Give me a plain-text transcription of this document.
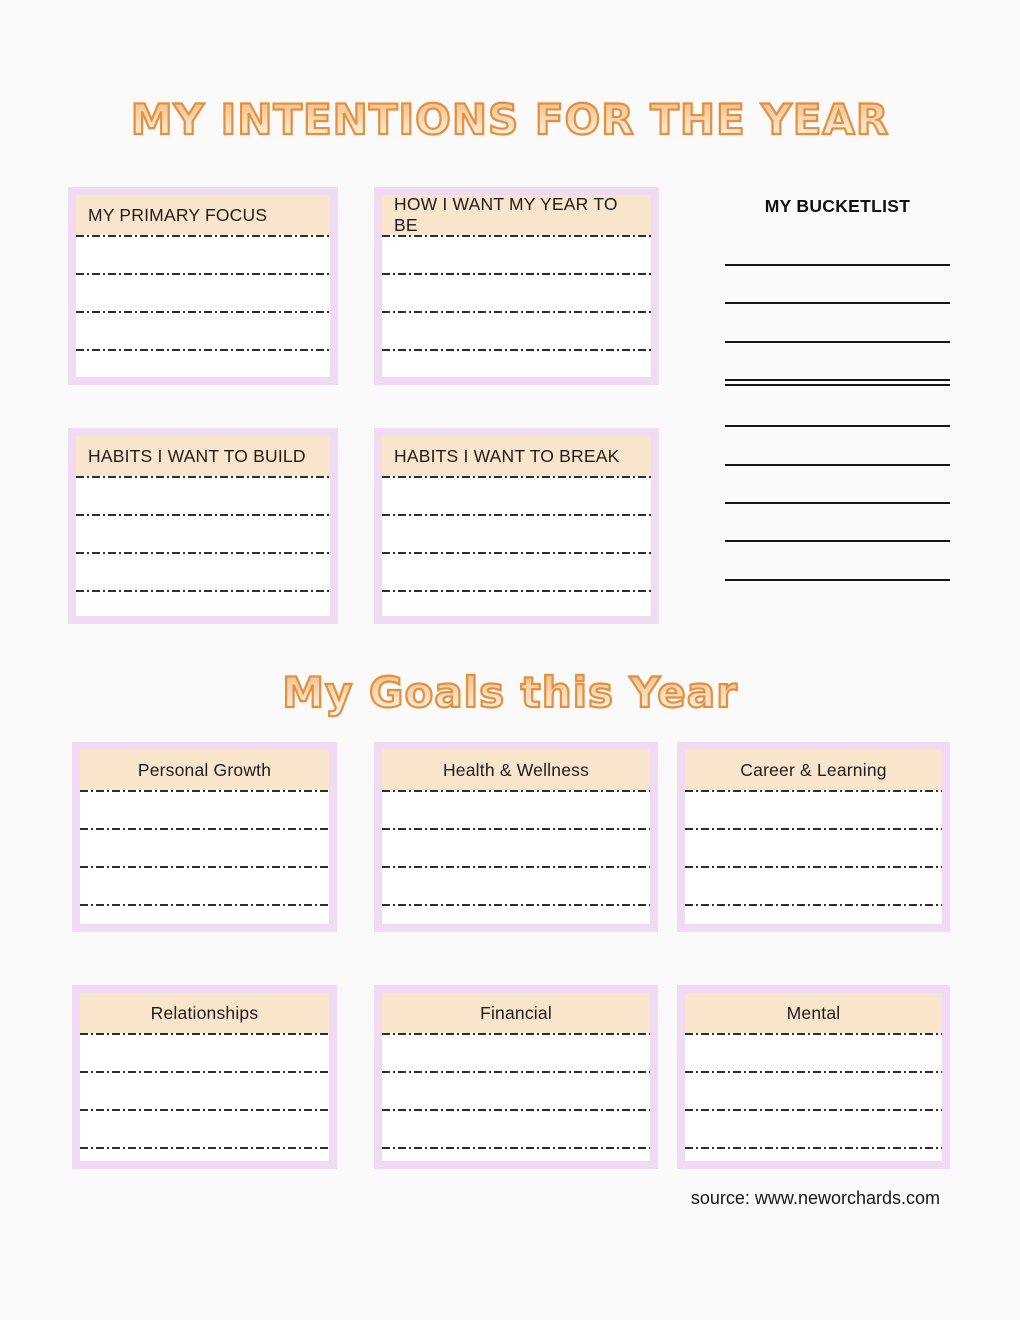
MY INTENTIONS FOR THE YEAR
MY PRIMARY FOCUS
HOW I WANT MY YEAR TO BE
MY BUCKETLIST
HABITS I WANT TO BUILD	HABITS I WANT TO BREAK
My Goals this Year
Personal Growth	Health & Wellness	Career & Learning
Relationships	Financial	Mental
source: www.neworchards.com
